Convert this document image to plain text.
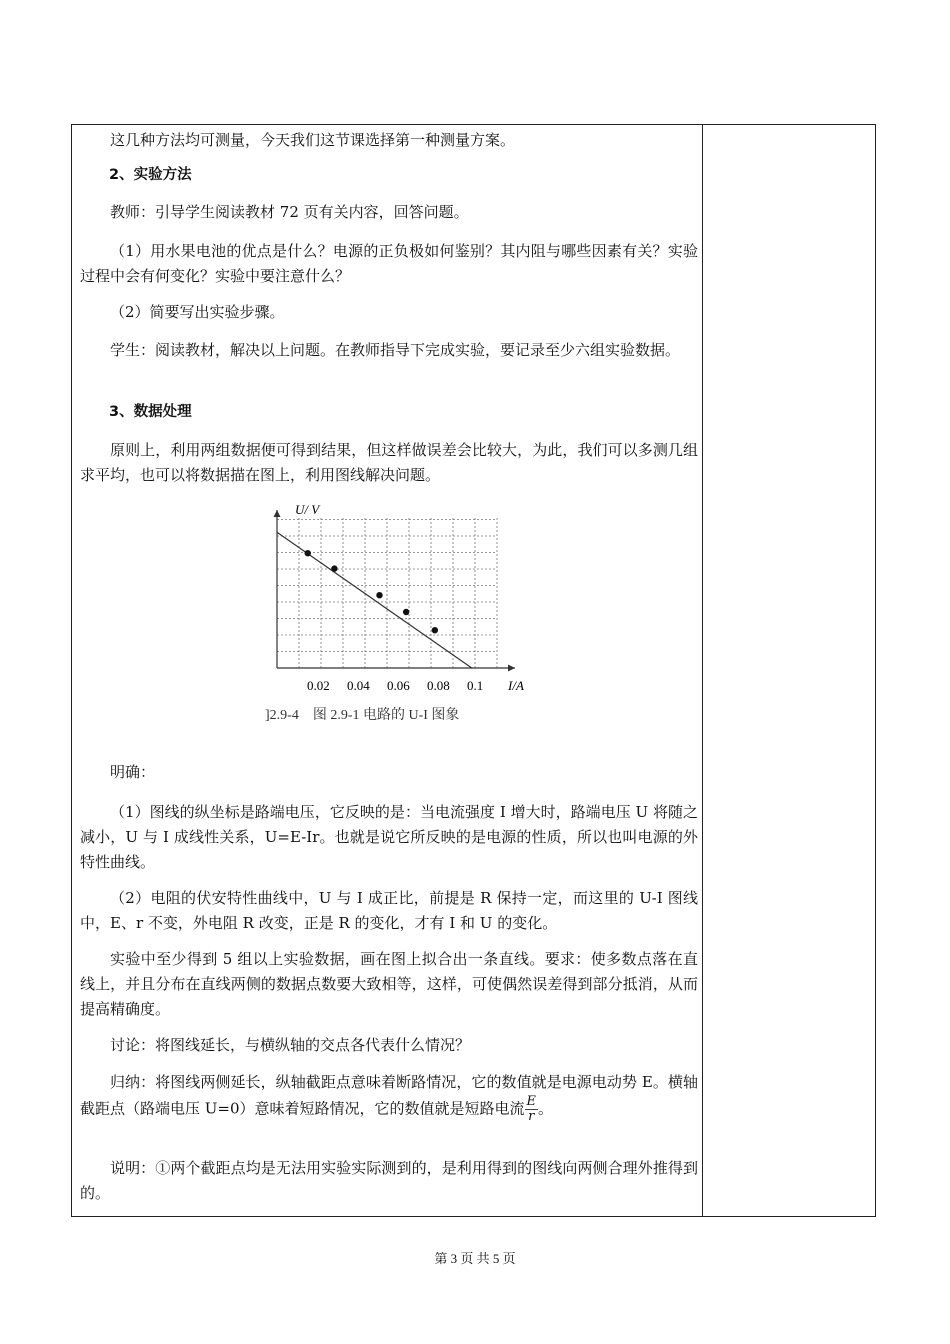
这几种方法均可测量，今天我们这节课选择第一种测量方案。
2、实验方法
教师：引导学生阅读教材 72 页有关内容，回答问题。
（1）用水果电池的优点是什么？电源的正负极如何鉴别？其内阻与哪些因素有关？实验过程中会有何变化？实验中要注意什么？
（2）简要写出实验步骤。
学生：阅读教材，解决以上问题。在教师指导下完成实验，要记录至少六组实验数据。
3、数据处理
原则上，利用两组数据便可得到结果，但这样做误差会比较大，为此，我们可以多测几组求平均，也可以将数据描在图上，利用图线解决问题。
明确：
（1）图线的纵坐标是路端电压，它反映的是：当电流强度 I 增大时，路端电压 U 将随之减小，U 与 I 成线性关系，U=E-Ir。也就是说它所反映的是电源的性质，所以也叫电源的外特性曲线。
（2）电阻的伏安特性曲线中，U 与 I 成正比，前提是 R 保持一定，而这里的 U-I 图线中，E、r 不变，外电阻 R 改变，正是 R 的变化，才有 I 和 U 的变化。
实验中至少得到 5 组以上实验数据，画在图上拟合出一条直线。要求：使多数点落在直线上，并且分布在直线两侧的数据点数要大致相等，这样，可使偶然误差得到部分抵消，从而提高精确度。
讨论：将图线延长，与横纵轴的交点各代表什么情况？
归纳：将图线两侧延长，纵轴截距点意味着断路情况，它的数值就是电源电动势 E。横轴截距点（路端电压 U=0）意味着短路情况，它的数值就是短路电流 $\frac{E}{r}$ 。
说明：①两个截距点均是无法用实验实际测到的，是利用得到的图线向两侧合理外推得到的。
U/ V
I/A
0.02 0.04 0.06 0.08 0.1
]2.9-4　图 2.9-1 电路的 U-I 图象
第 3 页 共 5 页
